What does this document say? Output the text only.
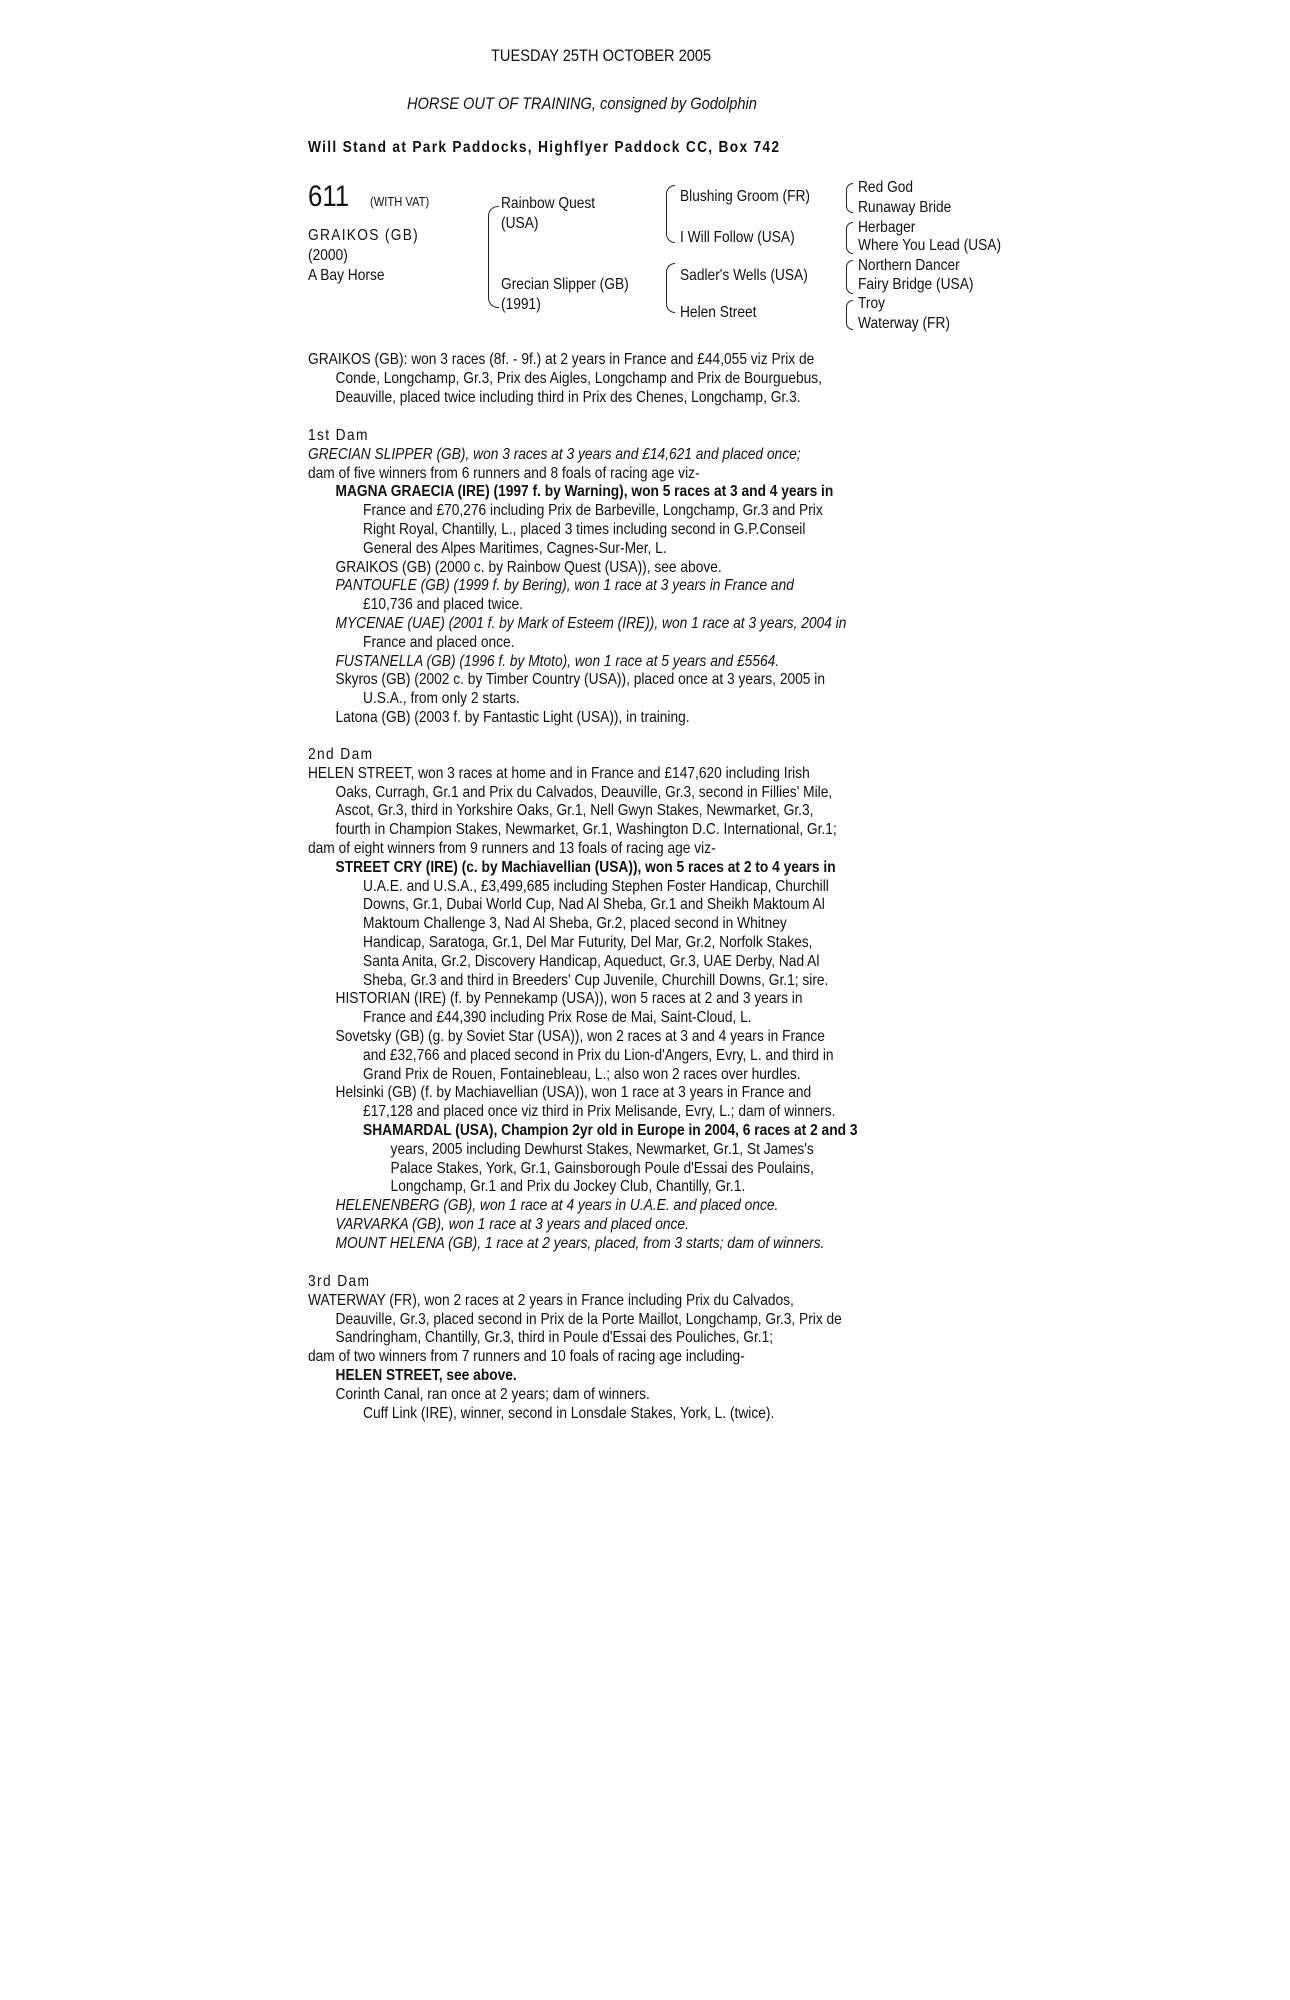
TUESDAY 25TH OCTOBER 2005
HORSE OUT OF TRAINING, consigned by Godolphin
Will Stand at Park Paddocks, Highflyer Paddock CC, Box 742
611 (WITH VAT)
GRAIKOS (GB)
(2000)
A Bay Horse
Rainbow Quest
(USA)
Grecian Slipper (GB)
(1991)
Blushing Groom (FR)
I Will Follow (USA)
Sadler's Wells (USA)
Helen Street
Red God
Runaway Bride
Herbager
Where You Lead (USA)
Northern Dancer
Fairy Bridge (USA)
Troy
Waterway (FR)
GRAIKOS (GB): won 3 races (8f. - 9f.) at 2 years in France and £44,055 viz Prix de
Conde, Longchamp, Gr.3, Prix des Aigles, Longchamp and Prix de Bourguebus,
Deauville, placed twice including third in Prix des Chenes, Longchamp, Gr.3.
1st Dam
GRECIAN SLIPPER (GB), won 3 races at 3 years and £14,621 and placed once;
dam of five winners from 6 runners and 8 foals of racing age viz-
MAGNA GRAECIA (IRE) (1997 f. by Warning), won 5 races at 3 and 4 years in
France and £70,276 including Prix de Barbeville, Longchamp, Gr.3 and Prix
Right Royal, Chantilly, L., placed 3 times including second in G.P.Conseil
General des Alpes Maritimes, Cagnes-Sur-Mer, L.
GRAIKOS (GB) (2000 c. by Rainbow Quest (USA)), see above.
PANTOUFLE (GB) (1999 f. by Bering), won 1 race at 3 years in France and
£10,736 and placed twice.
MYCENAE (UAE) (2001 f. by Mark of Esteem (IRE)), won 1 race at 3 years, 2004 in
France and placed once.
FUSTANELLA (GB) (1996 f. by Mtoto), won 1 race at 5 years and £5564.
Skyros (GB) (2002 c. by Timber Country (USA)), placed once at 3 years, 2005 in
U.S.A., from only 2 starts.
Latona (GB) (2003 f. by Fantastic Light (USA)), in training.
2nd Dam
HELEN STREET, won 3 races at home and in France and £147,620 including Irish
Oaks, Curragh, Gr.1 and Prix du Calvados, Deauville, Gr.3, second in Fillies' Mile,
Ascot, Gr.3, third in Yorkshire Oaks, Gr.1, Nell Gwyn Stakes, Newmarket, Gr.3,
fourth in Champion Stakes, Newmarket, Gr.1, Washington D.C. International, Gr.1;
dam of eight winners from 9 runners and 13 foals of racing age viz-
STREET CRY (IRE) (c. by Machiavellian (USA)), won 5 races at 2 to 4 years in
U.A.E. and U.S.A., £3,499,685 including Stephen Foster Handicap, Churchill
Downs, Gr.1, Dubai World Cup, Nad Al Sheba, Gr.1 and Sheikh Maktoum Al
Maktoum Challenge 3, Nad Al Sheba, Gr.2, placed second in Whitney
Handicap, Saratoga, Gr.1, Del Mar Futurity, Del Mar, Gr.2, Norfolk Stakes,
Santa Anita, Gr.2, Discovery Handicap, Aqueduct, Gr.3, UAE Derby, Nad Al
Sheba, Gr.3 and third in Breeders' Cup Juvenile, Churchill Downs, Gr.1; sire.
HISTORIAN (IRE) (f. by Pennekamp (USA)), won 5 races at 2 and 3 years in
France and £44,390 including Prix Rose de Mai, Saint-Cloud, L.
Sovetsky (GB) (g. by Soviet Star (USA)), won 2 races at 3 and 4 years in France
and £32,766 and placed second in Prix du Lion-d'Angers, Evry, L. and third in
Grand Prix de Rouen, Fontainebleau, L.; also won 2 races over hurdles.
Helsinki (GB) (f. by Machiavellian (USA)), won 1 race at 3 years in France and
£17,128 and placed once viz third in Prix Melisande, Evry, L.; dam of winners.
SHAMARDAL (USA), Champion 2yr old in Europe in 2004, 6 races at 2 and 3
years, 2005 including Dewhurst Stakes, Newmarket, Gr.1, St James's
Palace Stakes, York, Gr.1, Gainsborough Poule d'Essai des Poulains,
Longchamp, Gr.1 and Prix du Jockey Club, Chantilly, Gr.1.
HELENENBERG (GB), won 1 race at 4 years in U.A.E. and placed once.
VARVARKA (GB), won 1 race at 3 years and placed once.
MOUNT HELENA (GB), 1 race at 2 years, placed, from 3 starts; dam of winners.
3rd Dam
WATERWAY (FR), won 2 races at 2 years in France including Prix du Calvados,
Deauville, Gr.3, placed second in Prix de la Porte Maillot, Longchamp, Gr.3, Prix de
Sandringham, Chantilly, Gr.3, third in Poule d'Essai des Pouliches, Gr.1;
dam of two winners from 7 runners and 10 foals of racing age including-
HELEN STREET, see above.
Corinth Canal, ran once at 2 years; dam of winners.
Cuff Link (IRE), winner, second in Lonsdale Stakes, York, L. (twice).
